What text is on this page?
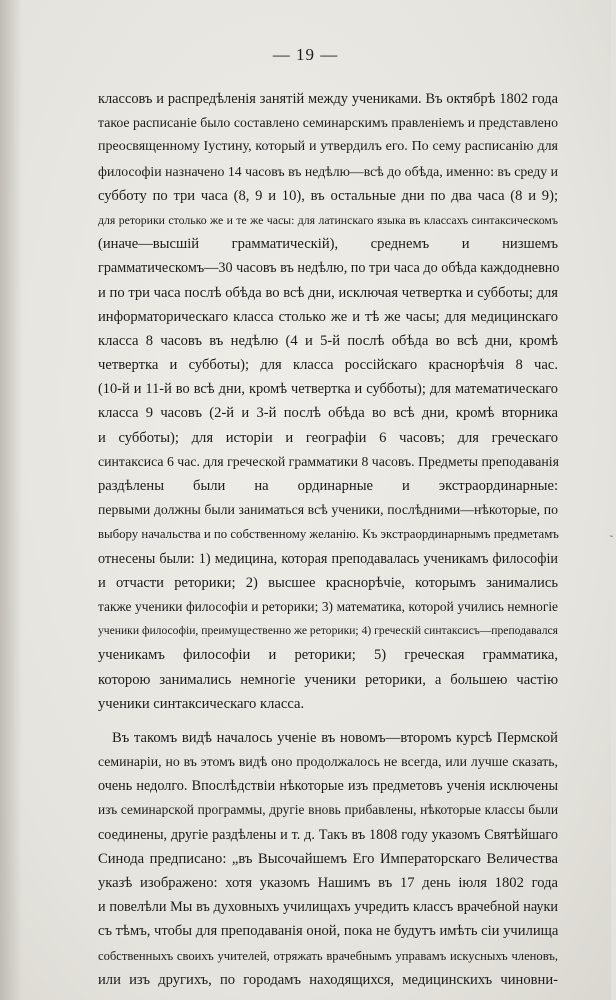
— 19 —
классовъ и распредѣленія занятій между учениками. Въ октябрѣ 1802 года
такое расписаніе было составлено семинарскимъ правленіемъ и представлено
преосвященному Іустину, который и утвердилъ его. По сему расписанію для
философіи назначено 14 часовъ въ недѣлю—всѣ до обѣда, именно: въ среду и
субботу по три часа (8, 9 и 10), въ остальные дни по два часа (8 и 9);
для реторики столько же и те же часы: для латинскаго языка въ классахъ синтаксическомъ
(иначе—высшій грамматическій), среднемъ и низшемъ
грамматическомъ—30 часовъ въ недѣлю, по три часа до обѣда каждодневно
и по три часа послѣ обѣда во всѣ дни, исключая четвертка и субботы; для
информаторическаго класса столько же и тѣ же часы; для медицинскаго
класса 8 часовъ въ недѣлю (4 и 5-й послѣ обѣда во всѣ дни, кромѣ
четвертка и субботы); для класса россійскаго краснорѣчія 8 час.
(10-й и 11-й во всѣ дни, кромѣ четвертка и субботы); для математическаго
класса 9 часовъ (2-й и 3-й послѣ обѣда во всѣ дни, кромѣ вторника
и субботы); для исторіи и географіи 6 часовъ; для греческаго
синтаксиса 6 час. для греческой грамматики 8 часовъ. Предметы преподаванія
раздѣлены были на ординарные и экстраординарные:
первыми должны были заниматься всѣ ученики, послѣдними—нѣкоторые, по
выбору начальства и по собственному желанію. Къ экстраординарнымъ предметамъ
отнесены были: 1) медицина, которая преподавалась ученикамъ философіи
и отчасти реторики; 2) высшее краснорѣчіе, которымъ занимались
также ученики философіи и реторики; 3) математика, которой учились немногіе
ученики философіи, преимущественно же реторики; 4) греческій синтаксисъ—преподавался
ученикамъ философіи и реторики; 5) греческая грамматика,
которою занимались немногіе ученики реторики, а большею частію
ученики синтаксическаго класса.
Въ такомъ видѣ началось ученіе въ новомъ—второмъ курсѣ Пермской
семинаріи, но въ этомъ видѣ оно продолжалось не всегда, или лучше сказать,
очень недолго. Впослѣдствіи нѣкоторые изъ предметовъ ученія исключены
изъ семинарской программы, другіе вновь прибавлены, нѣкоторые классы были
соединены, другіе раздѣлены и т. д. Такъ въ 1808 году указомъ Святѣйшаго
Синода предписано: „въ Высочайшемъ Его Императорскаго Величества
указѣ изображено: хотя указомъ Нашимъ въ 17 день іюля 1802 года
и повелѣли Мы въ духовныхъ училищахъ учредить классъ врачебной науки
съ тѣмъ, чтобы для преподаванія оной, пока не будутъ имѣть сіи училища
собственныхъ своихъ учителей, отряжать врачебнымъ управамъ искусныхъ членовъ,
или изъ другихъ, по городамъ находящихся, медицинскихъ чиновни-
′
